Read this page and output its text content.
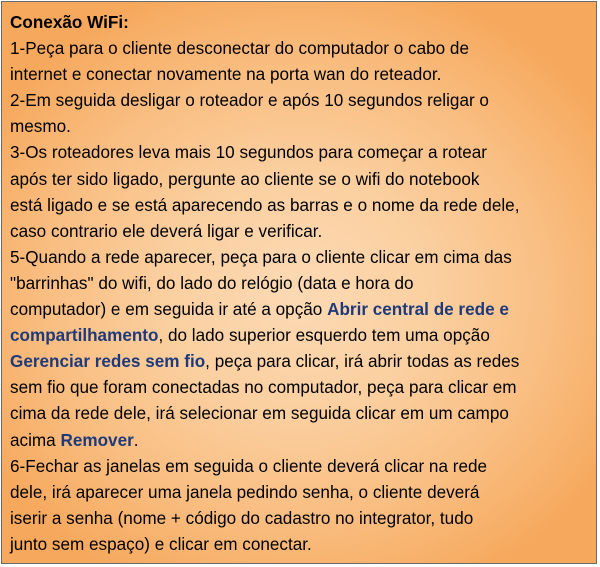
Conexão WiFi:
1-Peça para o cliente desconectar do computador o cabo de
internet e conectar novamente na porta wan do reteador.
2-Em seguida desligar o roteador e após 10 segundos religar o
mesmo.
3-Os roteadores leva mais 10 segundos para começar a rotear
após ter sido ligado, pergunte ao cliente se o wifi do notebook
está ligado e se está aparecendo as barras e o nome da rede dele,
caso contrario ele deverá ligar e verificar.
5-Quando a rede aparecer, peça para o cliente clicar em cima das
"barrinhas" do wifi, do lado do relógio (data e hora do
computador) e em seguida ir até a opção Abrir central de rede e
compartilhamento, do lado superior esquerdo tem uma opção
Gerenciar redes sem fio, peça para clicar, irá abrir todas as redes
sem fio que foram conectadas no computador, peça para clicar em
cima da rede dele, irá selecionar em seguida clicar em um campo
acima Remover.
6-Fechar as janelas em seguida o cliente deverá clicar na rede
dele, irá aparecer uma janela pedindo senha, o cliente deverá
iserir a senha (nome + código do cadastro no integrator, tudo
junto sem espaço) e clicar em conectar.
